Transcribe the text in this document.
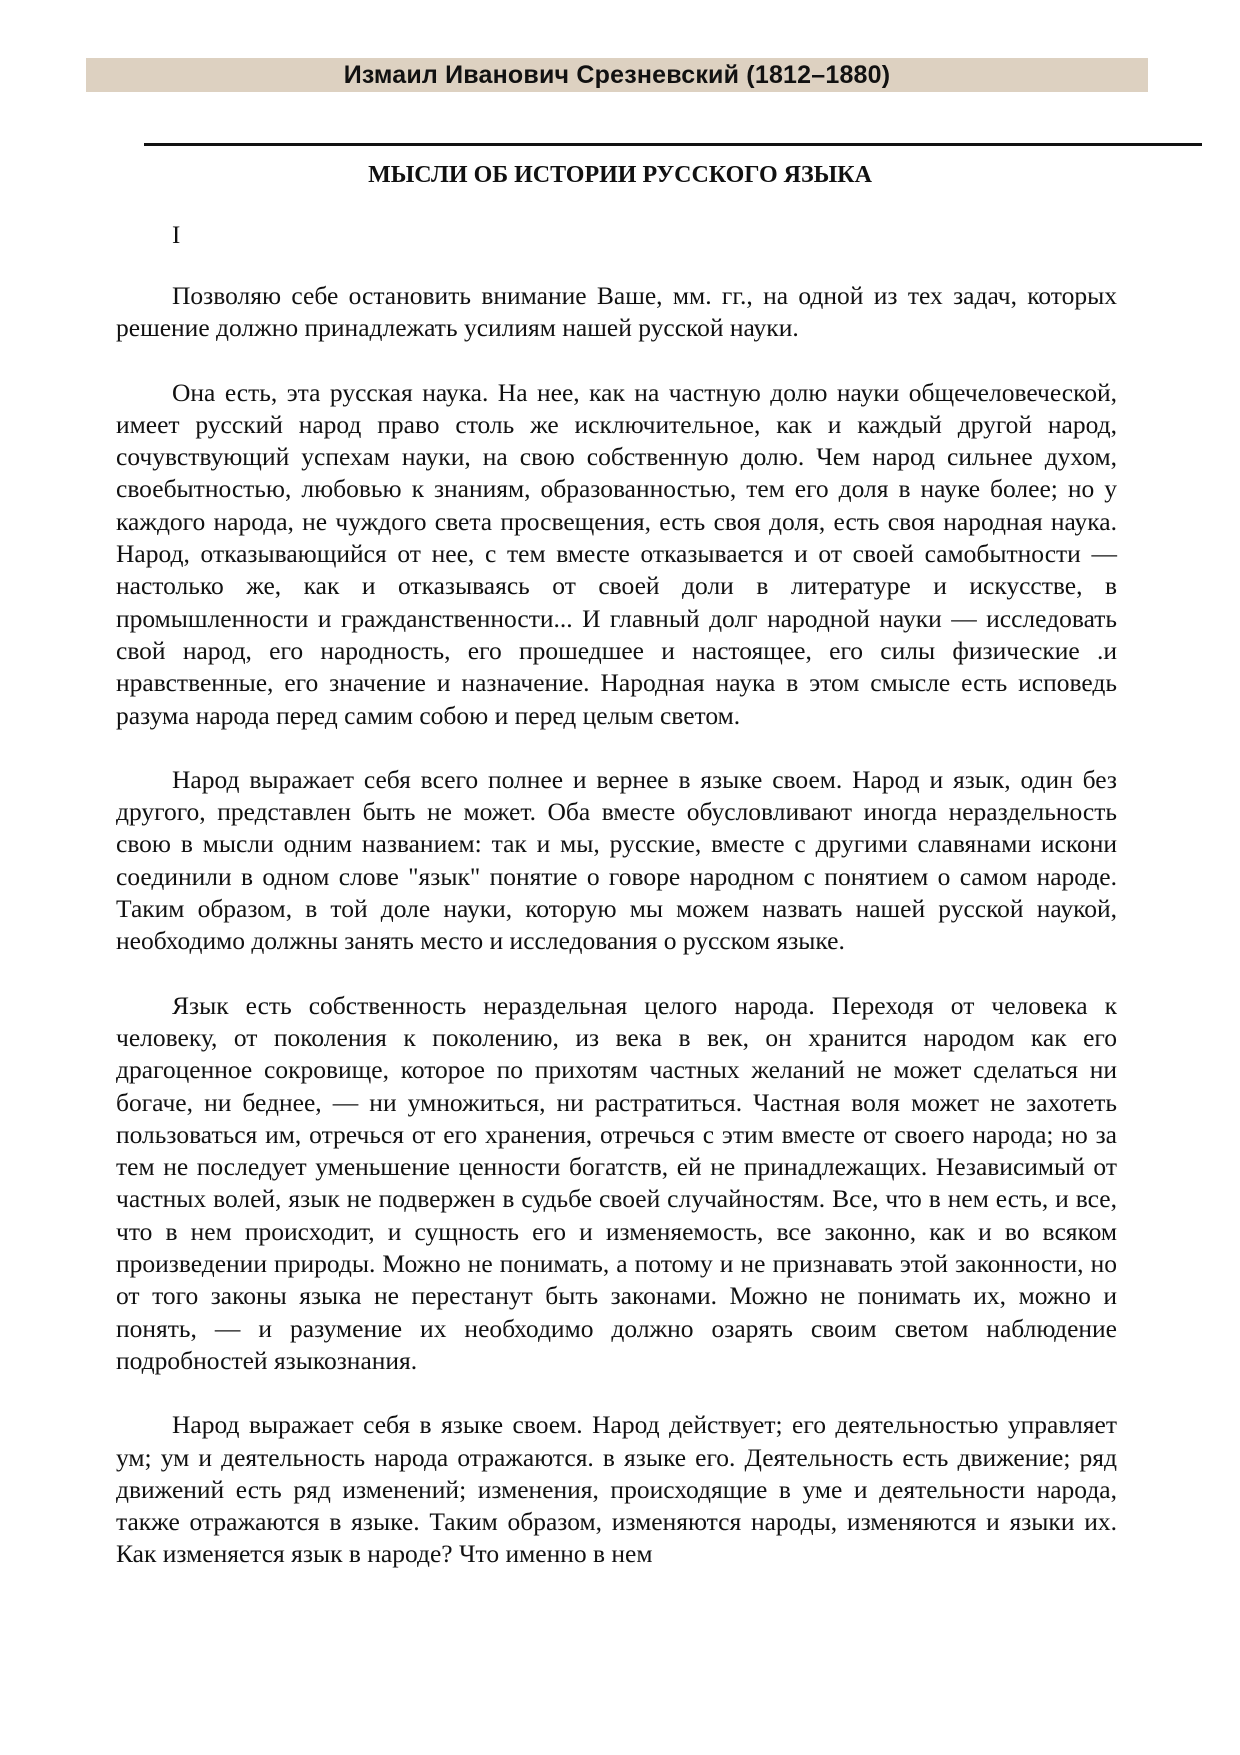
Измаил Иванович Срезневский (1812–1880)
МЫСЛИ ОБ ИСТОРИИ РУССКОГО ЯЗЫКА
I

Позволяю себе остановить внимание Ваше, мм. гг., на одной из тех задач, которых решение должно принадлежать усилиям нашей русской науки.

Она есть, эта русская наука. На нее, как на частную долю науки общечеловеческой, имеет русский народ право столь же исключительное, как и каждый другой народ, сочувствующий успехам науки, на свою собственную долю. Чем народ сильнее духом, своебытностью, любовью к знаниям, образованностью, тем его доля в науке более; но у каждого народа, не чуждого света просвещения, есть своя доля, есть своя народная наука. Народ, отказывающийся от нее, с тем вместе отказывается и от своей самобытности — настолько же, как и отказываясь от своей доли в литературе и искусстве, в промышленности и гражданственности... И главный долг народной науки — исследовать свой народ, его народность, его прошедшее и настоящее, его силы физические .и нравственные, его значение и назначение. Народная наука в этом смысле есть исповедь разума народа перед самим собою и перед целым светом.

Народ выражает себя всего полнее и вернее в языке своем. Народ и язык, один без другого, представлен быть не может. Оба вместе обусловливают иногда нераздельность свою в мысли одним названием: так и мы, русские, вместе с другими славянами искони соединили в одном слове "язык" понятие о говоре народном с понятием о самом народе. Таким образом, в той доле науки, которую мы можем назвать нашей русской наукой, необходимо должны занять место и исследования о русском языке.

Язык есть собственность нераздельная целого народа. Переходя от человека к человеку, от поколения к поколению, из века в век, он хранится народом как его драгоценное сокровище, которое по прихотям частных желаний не может сделаться ни богаче, ни беднее, — ни умножиться, ни растратиться. Частная воля может не захотеть пользоваться им, отречься от его хранения, отречься с этим вместе от своего народа; но за тем не последует уменьшение ценности богатств, ей не принадлежащих. Независимый от частных волей, язык не подвержен в судьбе своей случайностям. Все, что в нем есть, и все, что в нем происходит, и сущность его и изменяемость, все законно, как и во всяком произведении природы. Можно не понимать, а потому и не признавать этой законности, но от того законы языка не перестанут быть законами. Можно не понимать их, можно и понять, — и разумение их необходимо должно озарять своим светом наблюдение подробностей языкознания.

Народ выражает себя в языке своем. Народ действует; его деятельностью управляет ум; ум и деятельность народа отражаются. в языке его. Деятельность есть движение; ряд движений есть ряд изменений; изменения, происходящие в уме и деятельности народа, также отражаются в языке. Таким образом, изменяются народы, изменяются и языки их. Как изменяется язык в народе? Что именно в нем
